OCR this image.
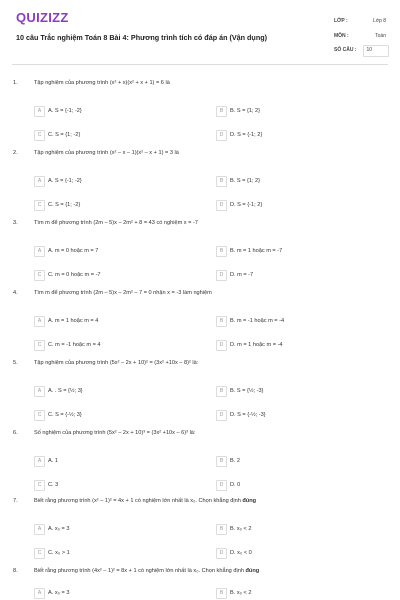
QUIZIZZ
10 câu Trắc nghiệm Toán 8 Bài 4: Phương trình tích có đáp án (Vận dụng)
LỚP :	Lớp 8
MÔN :	Toán
SỐ CÂU : 10
1.	Tập nghiệm của phương trình (x² + x)(x² + x + 1) = 6 là
A	A. S = {-1; -2}	B	B. S = {1; 2}
C	C. S = {1; -2}	D	D. S = {-1; 2}
2.	Tập nghiệm của phương trình (x² – x – 1)(x² – x + 1) = 3 là
A	A. S = {-1; -2}	B	B. S = {1; 2}
C	C. S = {1; -2}	D	D. S = {-1; 2}
3.	Tìm m để phương trình (2m – 5)x – 2m² + 8 = 43 có nghiệm x = -7
A	A. m = 0 hoặc m = 7	B	B. m = 1 hoặc m = -7
C	C. m = 0 hoặc m = -7	D	D. m = -7
4.	Tìm m để phương trình (2m – 5)x – 2m² – 7 = 0 nhận x = -3 làm nghiệm
A	A. m = 1 hoặc m = 4	B	B. m = -1 hoặc m = -4
C	C. m = -1 hoặc m = 4	D	D. m = 1 hoặc m = -4
5.	Tập nghiệm của phương trình (5x² – 2x + 10)² = (3x² +10x – 8)² là:
A	A. . S = {½; 3}	B	B. S = {½; -3}
C	C. S = {-½; 3}	D	D. S = {-½; -3}
6.	Số nghiệm của phương trình (5x² – 2x + 10)³ = (3x² +10x – 6)³ là:
A	A. 1	B	B. 2
C	C. 3	D	D. 0
7.	Biết rằng phương trình (x² – 1)² = 4x + 1 có nghiệm lớn nhất là x₀. Chọn khẳng định đúng
A	A. x₀ = 3	B	B. x₀ < 2
C	C. x₀ > 1	D	D. x₀ < 0
8.	Biết rằng phương trình (4x² – 1)² = 8x + 1 có nghiệm lớn nhất là x₀. Chọn khẳng định đúng
A	A. x₀ = 3	B	B. x₀ < 2
